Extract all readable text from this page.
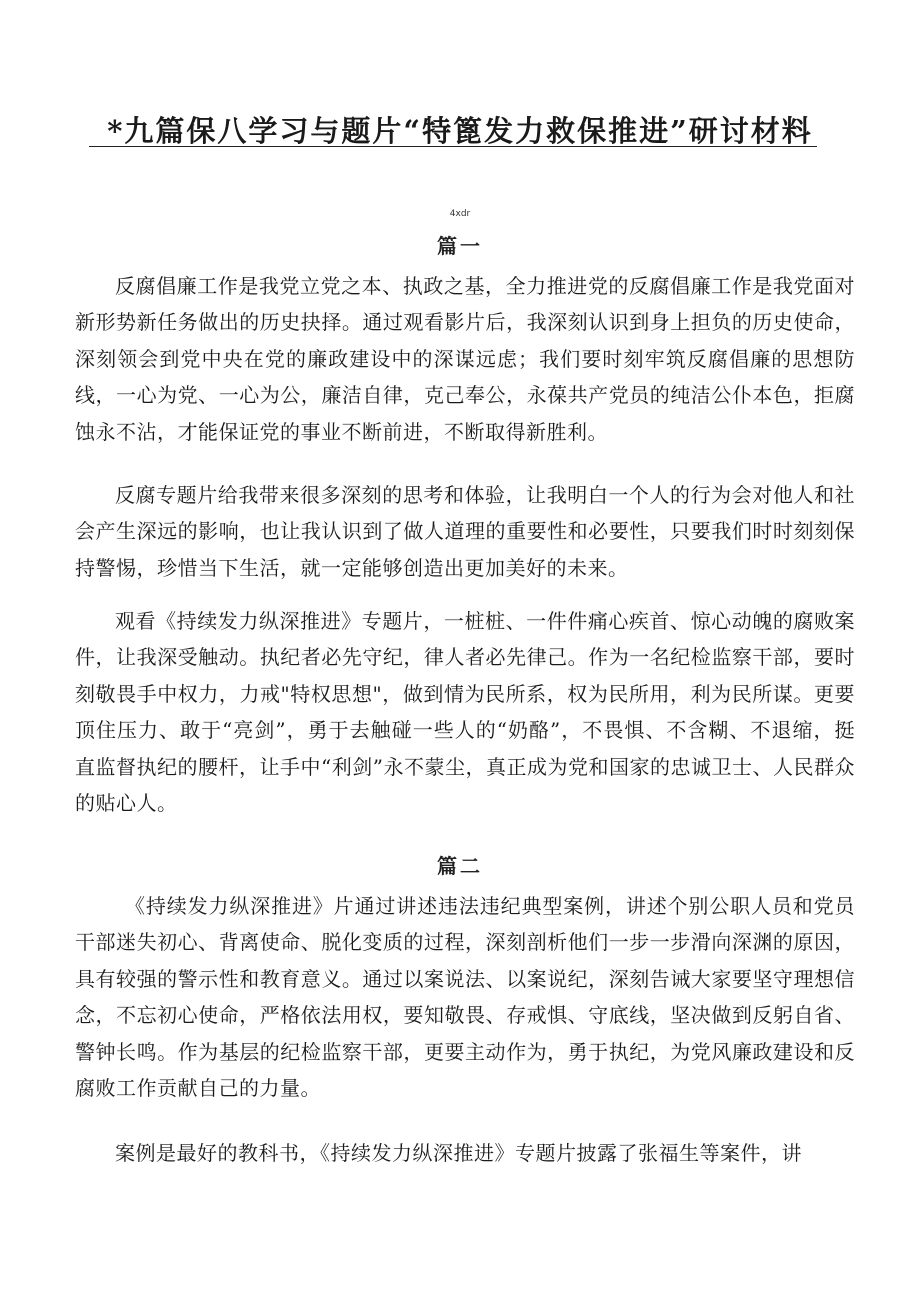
*九篇保八学习与题片“特篦发力救保推进”研讨材料
4xdr
篇一

反腐倡廉工作是我党立党之本、执政之基，全力推进党的反腐倡廉工作是我党面对新形势新任务做出的历史抉择。通过观看影片后，我深刻认识到身上担负的历史使命，深刻领会到党中央在党的廉政建设中的深谋远虑；我们要时刻牢筑反腐倡廉的思想防线，一心为党、一心为公，廉洁自律，克己奉公，永葆共产党员的纯洁公仆本色，拒腐蚀永不沾，才能保证党的事业不断前进，不断取得新胜利。

反腐专题片给我带来很多深刻的思考和体验，让我明白一个人的行为会对他人和社会产生深远的影响，也让我认识到了做人道理的重要性和必要性，只要我们时时刻刻保持警惕，珍惜当下生活，就一定能够创造出更加美好的未来。

观看《持续发力纵深推进》专题片，一桩桩、一件件痛心疾首、惊心动魄的腐败案件，让我深受触动。执纪者必先守纪，律人者必先律己。作为一名纪检监察干部，要时刻敬畏手中权力，力戒"特权思想"，做到情为民所系，权为民所用，利为民所谋。更要顶住压力、敢于“亮剑”，勇于去触碰一些人的“奶酪”，不畏惧、不含糊、不退缩，挺直监督执纪的腰杆，让手中“利剑”永不蒙尘，真正成为党和国家的忠诚卫士、人民群众的贴心人。

篇二

《持续发力纵深推进》片通过讲述违法违纪典型案例，讲述个别公职人员和党员干部迷失初心、背离使命、脱化变质的过程，深刻剖析他们一步一步滑向深渊的原因，具有较强的警示性和教育意义。通过以案说法、以案说纪，深刻告诫大家要坚守理想信念，不忘初心使命，严格依法用权，要知敬畏、存戒惧、守底线，坚决做到反躬自省、警钟长鸣。作为基层的纪检监察干部，更要主动作为，勇于执纪，为党风廉政建设和反腐败工作贡献自己的力量。

案例是最好的教科书，《持续发力纵深推进》专题片披露了张福生等案件，讲
